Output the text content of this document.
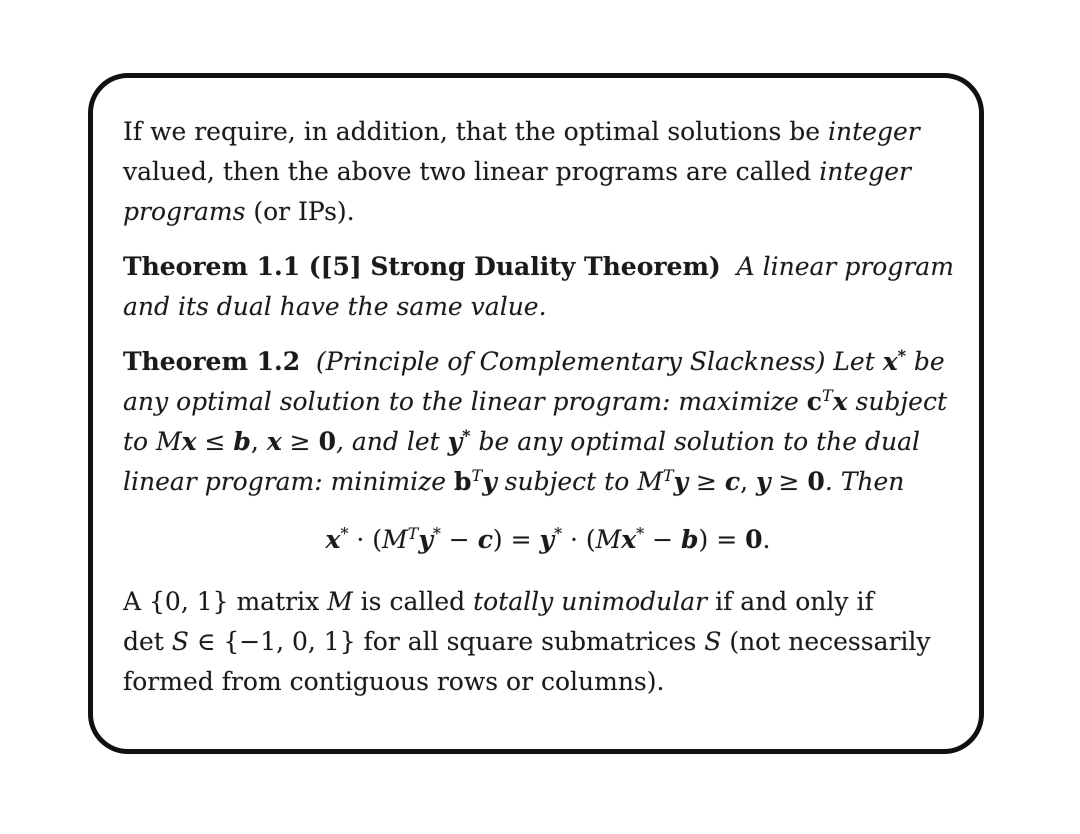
If we require, in addition, that the optimal solutions be integer
valued, then the above two linear programs are called integer
programs (or IPs).

Theorem 1.1 ([5] Strong Duality Theorem) A linear program
and its dual have the same value.

Theorem 1.2 (Principle of Complementary Slackness) Let x* be
any optimal solution to the linear program: maximize $c^Tx$ subject
to Mx ≤ b, x ≥ 0, and let y* be any optimal solution to the dual
linear program: minimize $b^Ty$ subject to $M^Ty \ge c$, y ≥ 0. Then

$x^* \cdot (M^Ty^* - c) = y^* \cdot (Mx^* - b) = 0$.

A {0, 1} matrix M is called totally unimodular if and only if
det S ∈ {−1, 0, 1} for all square submatrices S (not necessarily
formed from contiguous rows or columns).
